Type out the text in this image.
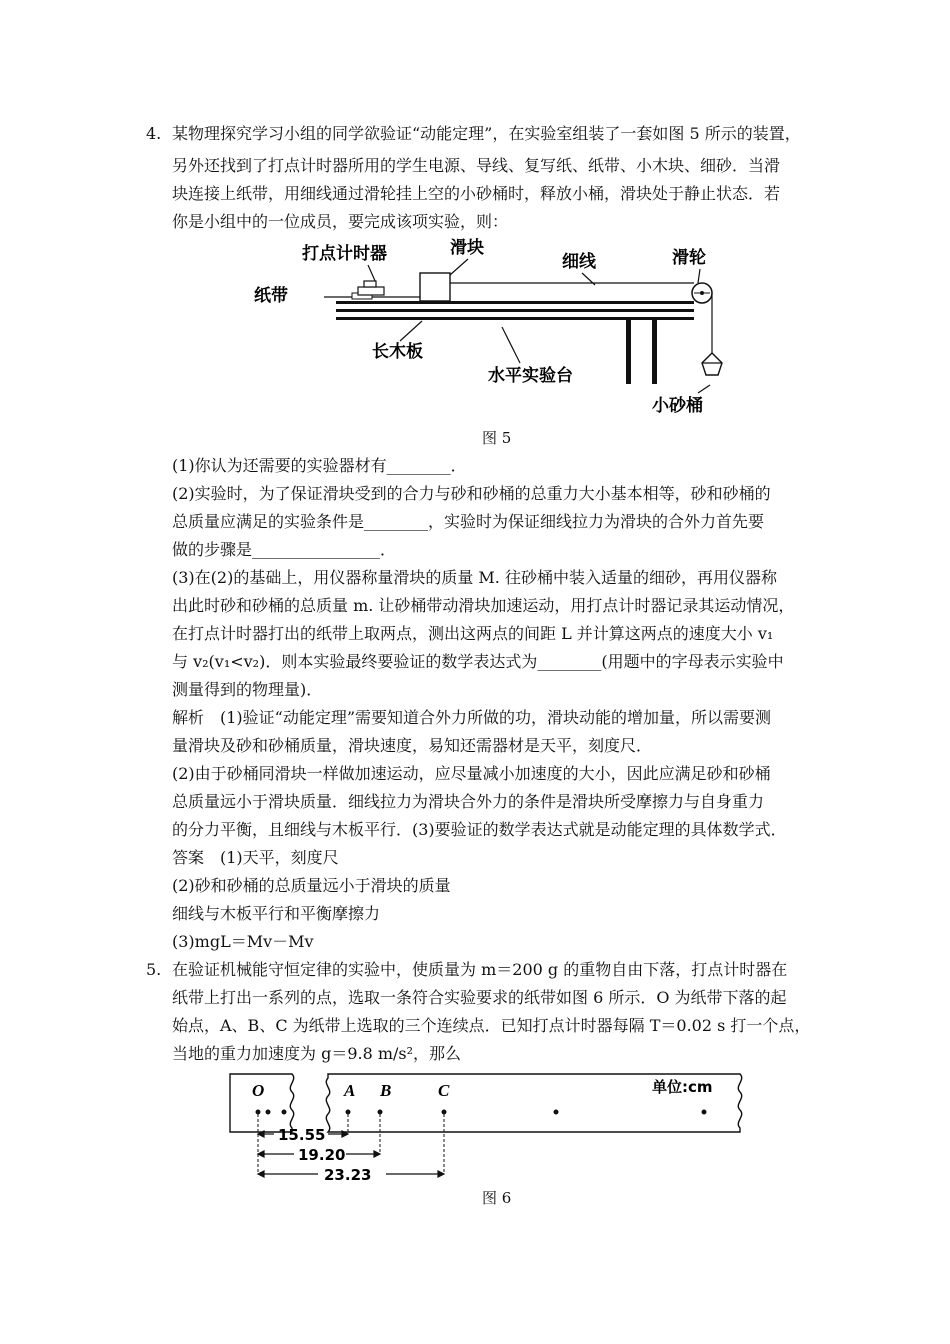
4. 某物理探究学习小组的同学欲验证“动能定理”，在实验室组装了一套如图 5 所示的装置，
另外还找到了打点计时器所用的学生电源、导线、复写纸、纸带、小木块、细砂．当滑
块连接上纸带，用细线通过滑轮挂上空的小砂桶时，释放小桶，滑块处于静止状态．若
你是小组中的一位成员，要完成该项实验，则：
打点计时器	滑块
细线	滑轮
纸带
长木板
水平实验台
小砂桶
图 5
(1)你认为还需要的实验器材有________．
(2)实验时，为了保证滑块受到的合力与砂和砂桶的总重力大小基本相等，砂和砂桶的
总质量应满足的实验条件是________，实验时为保证细线拉力为滑块的合外力首先要
做的步骤是________________．
(3)在(2)的基础上，用仪器称量滑块的质量 M. 往砂桶中装入适量的细砂，再用仪器称
出此时砂和砂桶的总质量 m. 让砂桶带动滑块加速运动，用打点计时器记录其运动情况，
在打点计时器打出的纸带上取两点，测出这两点的间距 L 并计算这两点的速度大小 v₁
与 v₂(v₁<v₂)．则本实验最终要验证的数学表达式为________(用题中的字母表示实验中
测量得到的物理量)．
解析　(1)验证“动能定理”需要知道合外力所做的功，滑块动能的增加量，所以需要测
量滑块及砂和砂桶质量，滑块速度，易知还需器材是天平，刻度尺．
(2)由于砂桶同滑块一样做加速运动，应尽量减小加速度的大小，因此应满足砂和砂桶
总质量远小于滑块质量．细线拉力为滑块合外力的条件是滑块所受摩擦力与自身重力
的分力平衡，且细线与木板平行．(3)要验证的数学表达式就是动能定理的具体数学式．
答案　(1)天平，刻度尺
(2)砂和砂桶的总质量远小于滑块的质量
细线与木板平行和平衡摩擦力
(3)mgL＝Mv－Mv
5. 在验证机械能守恒定律的实验中，使质量为 m＝200 g 的重物自由下落，打点计时器在
纸带上打出一系列的点，选取一条符合实验要求的纸带如图 6 所示．O 为纸带下落的起
始点，A、B、C 为纸带上选取的三个连续点．已知打点计时器每隔 T＝0.02 s 打一个点，
当地的重力加速度为 g＝9.8 m/s²，那么
O	A B	C	单位:cm
15.55
19.20
23.23
图 6
